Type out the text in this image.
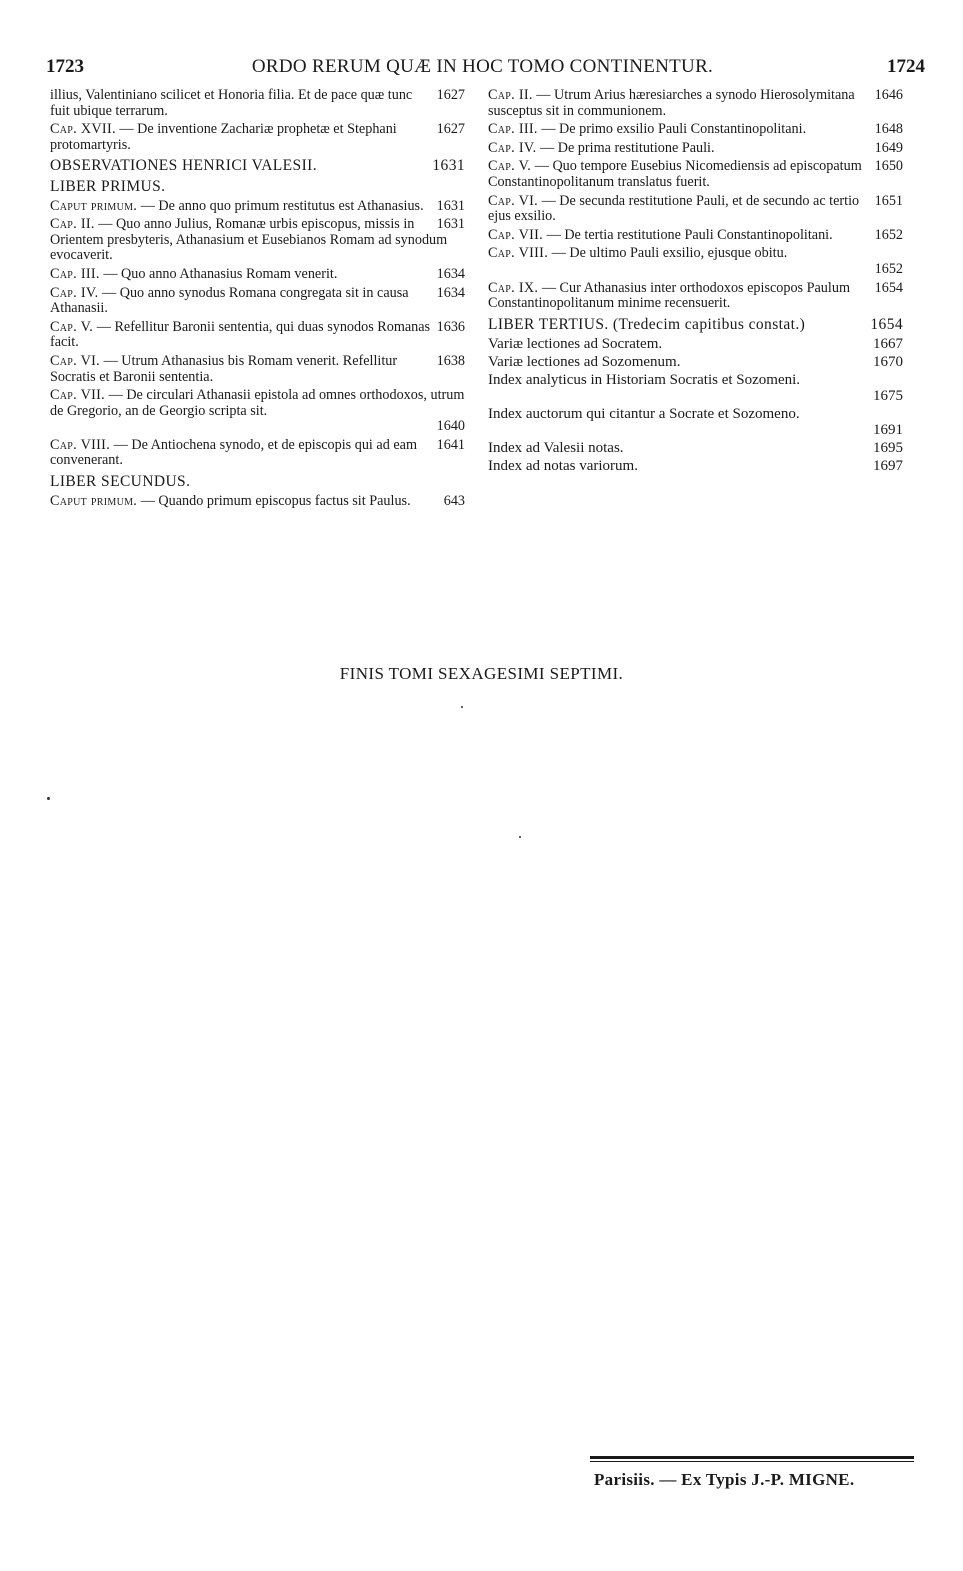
1723	ORDO RERUM QUÆ IN HOC TOMO CONTINENTUR.	1724
1627
illius, Valentiniano scilicet et Honoria filia. Et de pace quæ tunc fuit ubique terrarum.
1627
Cap. XVII. — De inventione Zachariæ prophetæ et Stephani protomartyris.
1631
OBSERVATIONES HENRICI VALESII.
LIBER PRIMUS.
1631
Caput primum. — De anno quo primum restitutus est Athanasius.
1631
Cap. II. — Quo anno Julius, Romanæ urbis episcopus, missis in Orientem presbyteris, Athanasium et Eusebianos Romam ad synodum evocaverit.
1634
Cap. III. — Quo anno Athanasius Romam venerit.
1634
Cap. IV. — Quo anno synodus Romana congregata sit in causa Athanasii.
1636
Cap. V. — Refellitur Baronii sententia, qui duas synodos Romanas facit.
1638
Cap. VI. — Utrum Athanasius bis Romam venerit. Refellitur Socratis et Baronii sententia.
Cap. VII. — De circulari Athanasii epistola ad omnes orthodoxos, utrum de Gregorio, an de Georgio scripta sit.
1640
1641
Cap. VIII. — De Antiochena synodo, et de episcopis qui ad eam convenerant.
LIBER SECUNDUS.
643
Caput primum. — Quando primum episcopus factus sit Paulus.
1646
Cap. II. — Utrum Arius hæresiarches a synodo Hierosolymitana susceptus sit in communionem.
1648
Cap. III. — De primo exsilio Pauli Constantinopolitani.
1649
Cap. IV. — De prima restitutione Pauli.
1650
Cap. V. — Quo tempore Eusebius Nicomediensis ad episcopatum Constantinopolitanum translatus fuerit.
1651
Cap. VI. — De secunda restitutione Pauli, et de secundo ac tertio ejus exsilio.
1652
Cap. VII. — De tertia restitutione Pauli Constantinopolitani.
Cap. VIII. — De ultimo Pauli exsilio, ejusque obitu.
1652
1654
Cap. IX. — Cur Athanasius inter orthodoxos episcopos Paulum Constantinopolitanum minime recensuerit.
1654
LIBER TERTIUS. (Tredecim capitibus constat.)
1667
Variæ lectiones ad Socratem.
1670
Variæ lectiones ad Sozomenum.
Index analyticus in Historiam Socratis et Sozomeni.
1675
Index auctorum qui citantur a Socrate et Sozomeno.
1691
1695
Index ad Valesii notas.
1697
Index ad notas variorum.
FINIS TOMI SEXAGESIMI SEPTIMI.
Parisiis. — Ex Typis J.-P. MIGNE.
